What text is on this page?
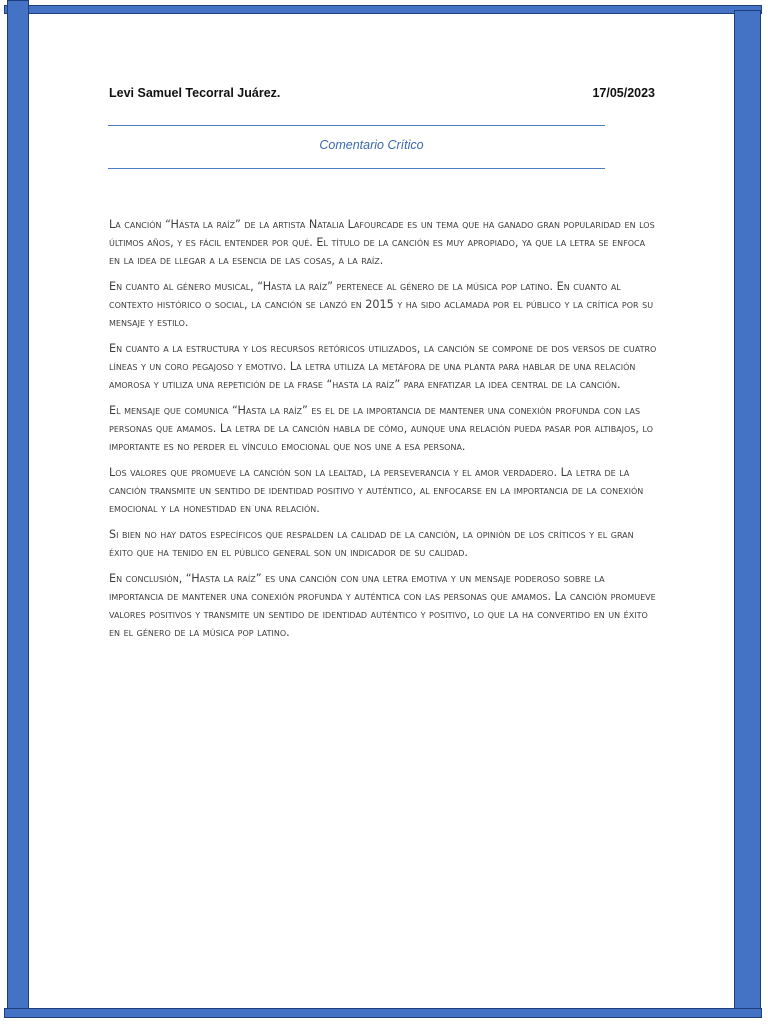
Levi Samuel Tecorral Juárez.	17/05/2023
Comentario Crítico

La canción “Hasta la raíz” de la artista Natalia Lafourcade es un tema que ha ganado gran popularidad en los últimos años, y es fácil entender por qué. El título de la canción es muy apropiado, ya que la letra se enfoca en la idea de llegar a la esencia de las cosas, a la raíz.

En cuanto al género musical, “Hasta la raíz” pertenece al género de la música pop latino. En cuanto al contexto histórico o social, la canción se lanzó en 2015 y ha sido aclamada por el público y la crítica por su mensaje y estilo.

En cuanto a la estructura y los recursos retóricos utilizados, la canción se compone de dos versos de cuatro líneas y un coro pegajoso y emotivo. La letra utiliza la metáfora de una planta para hablar de una relación amorosa y utiliza una repetición de la frase “hasta la raíz” para enfatizar la idea central de la canción.

El mensaje que comunica “Hasta la raíz” es el de la importancia de mantener una conexión profunda con las personas que amamos. La letra de la canción habla de cómo, aunque una relación pueda pasar por altibajos, lo importante es no perder el vínculo emocional que nos une a esa persona.

Los valores que promueve la canción son la lealtad, la perseverancia y el amor verdadero. La letra de la canción transmite un sentido de identidad positivo y auténtico, al enfocarse en la importancia de la conexión emocional y la honestidad en una relación.

Si bien no hay datos específicos que respalden la calidad de la canción, la opinión de los críticos y el gran éxito que ha tenido en el público general son un indicador de su calidad.

En conclusión, “Hasta la raíz” es una canción con una letra emotiva y un mensaje poderoso sobre la importancia de mantener una conexión profunda y auténtica con las personas que amamos. La canción promueve valores positivos y transmite un sentido de identidad auténtico y positivo, lo que la ha convertido en un éxito en el género de la música pop latino.
